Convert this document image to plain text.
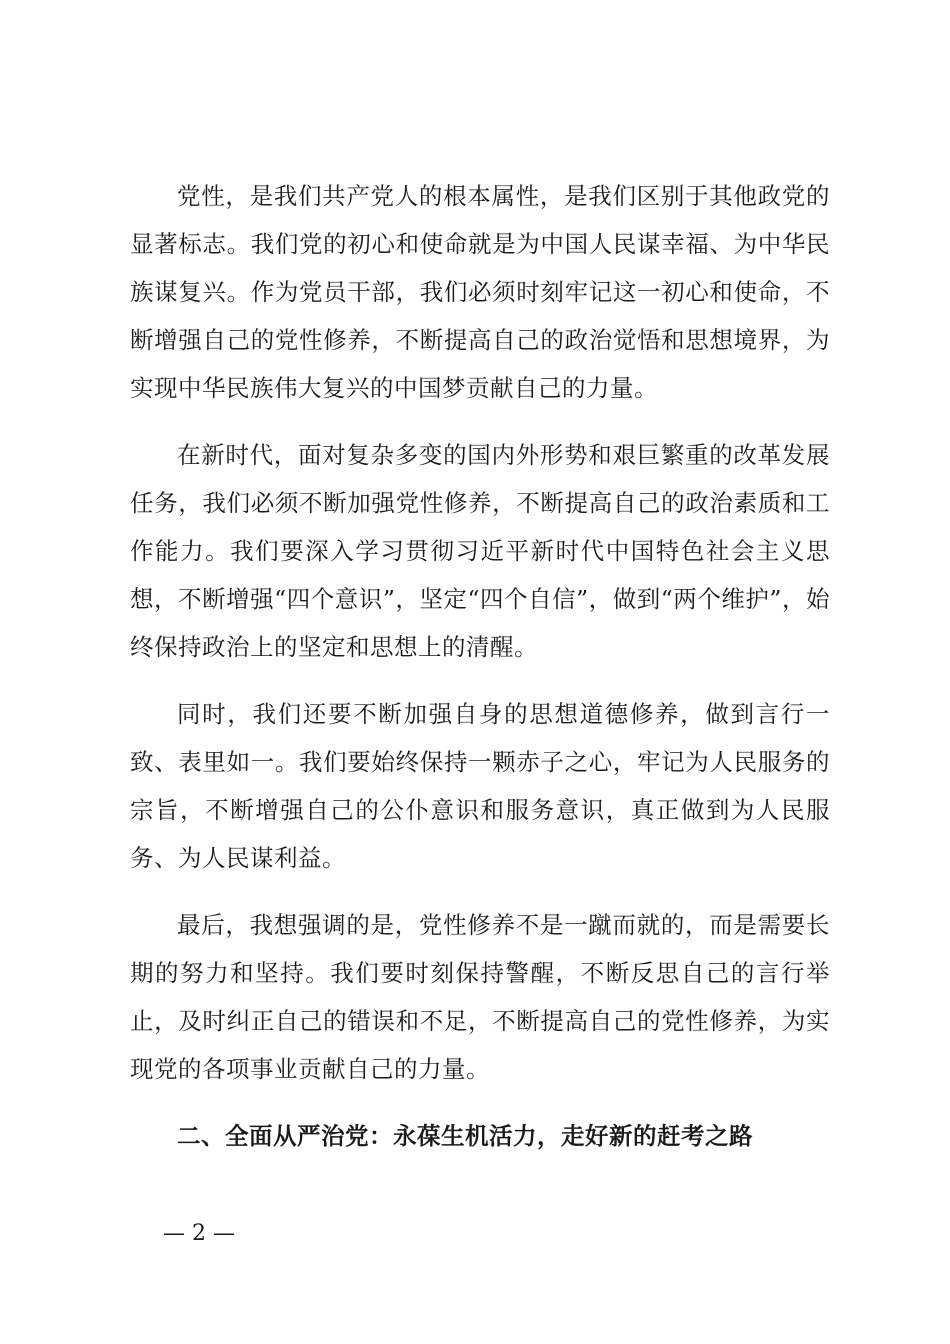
党性，是我们共产党人的根本属性，是我们区别于其他政党的显著标志。我们党的初心和使命就是为中国人民谋幸福、为中华民族谋复兴。作为党员干部，我们必须时刻牢记这一初心和使命，不断增强自己的党性修养，不断提高自己的政治觉悟和思想境界，为实现中华民族伟大复兴的中国梦贡献自己的力量。

在新时代，面对复杂多变的国内外形势和艰巨繁重的改革发展任务，我们必须不断加强党性修养，不断提高自己的政治素质和工作能力。我们要深入学习贯彻习近平新时代中国特色社会主义思想，不断增强“四个意识”，坚定“四个自信”，做到“两个维护”，始终保持政治上的坚定和思想上的清醒。

同时，我们还要不断加强自身的思想道德修养，做到言行一致、表里如一。我们要始终保持一颗赤子之心，牢记为人民服务的宗旨，不断增强自己的公仆意识和服务意识，真正做到为人民服务、为人民谋利益。

最后，我想强调的是，党性修养不是一蹴而就的，而是需要长期的努力和坚持。我们要时刻保持警醒，不断反思自己的言行举止，及时纠正自己的错误和不足，不断提高自己的党性修养，为实现党的各项事业贡献自己的力量。

二、全面从严治党：永葆生机活力，走好新的赶考之路

— 2 —
